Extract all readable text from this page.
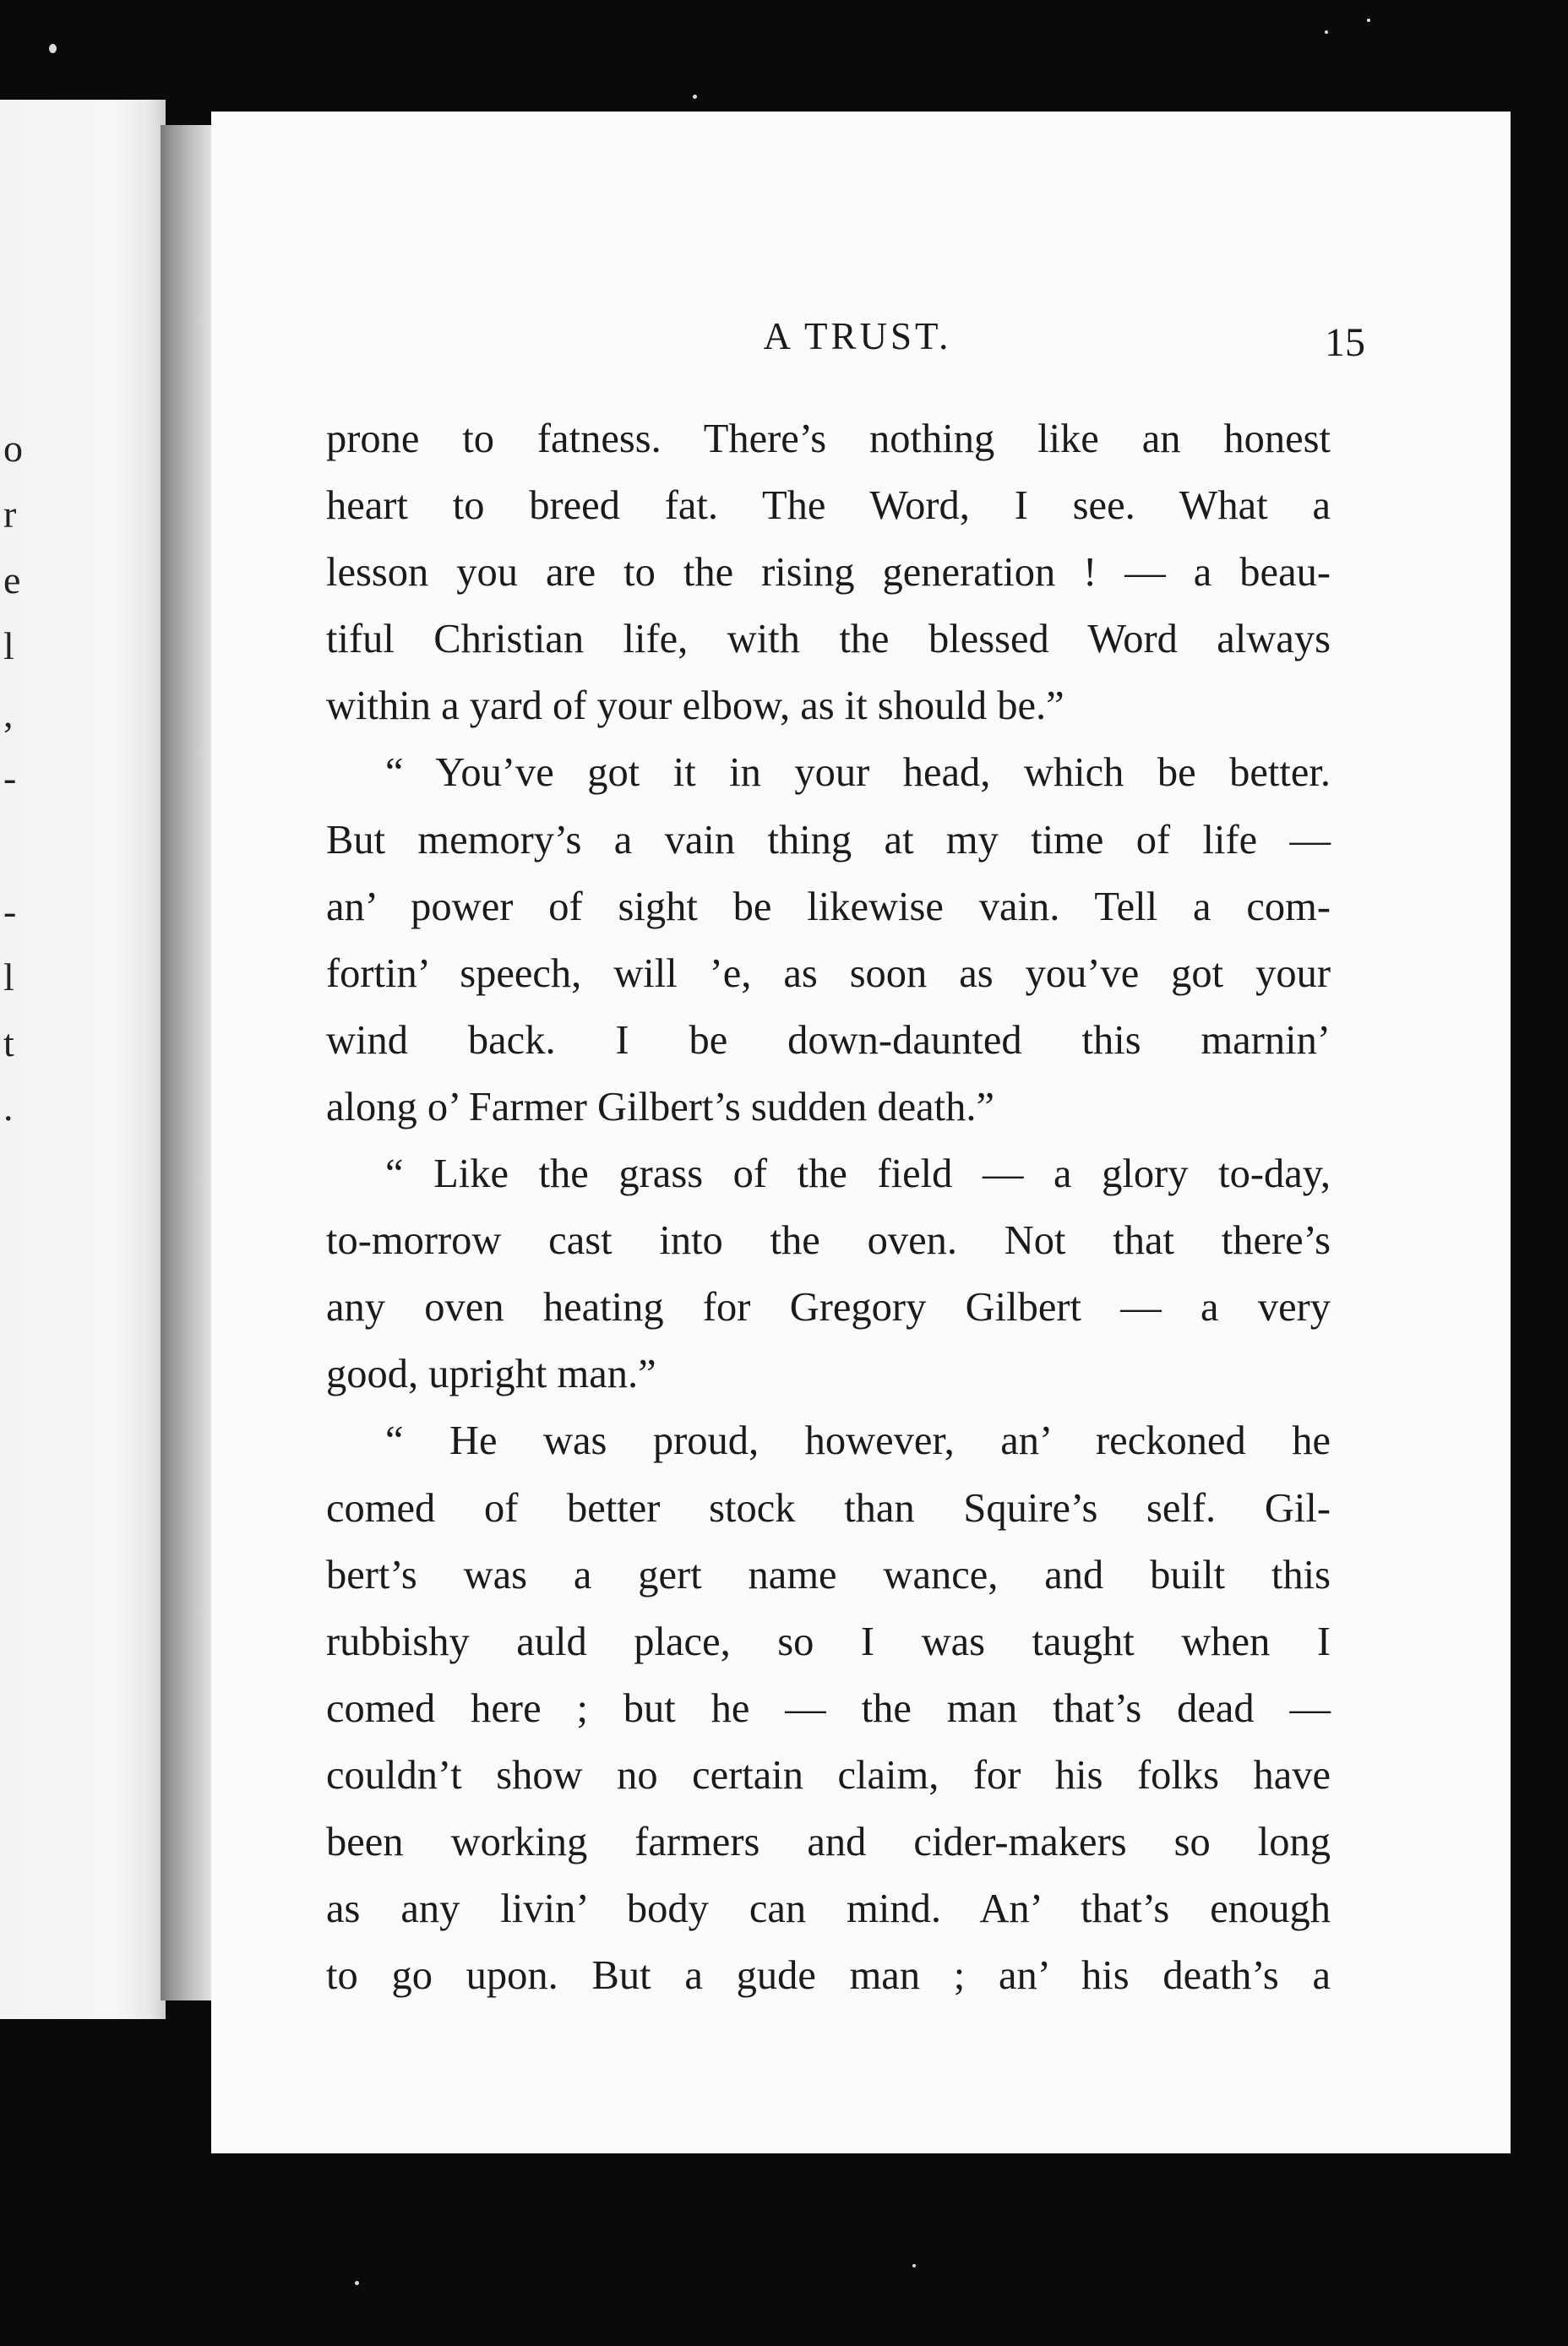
o
r
e
l
,
-
-
l
t
.
A TRUST.	15
prone to fatness. There’s nothing like an honest
heart to breed fat. The Word, I see. What a
lesson you are to the rising generation ! — a beau-
tiful Christian life, with the blessed Word always
within a yard of your elbow, as it should be.”
“ You’ve got it in your head, which be better.
But memory’s a vain thing at my time of life —
an’ power of sight be likewise vain. Tell a com-
fortin’ speech, will ’e, as soon as you’ve got your
wind back. I be down-daunted this marnin’
along o’ Farmer Gilbert’s sudden death.”
“ Like the grass of the field — a glory to-day,
to-morrow cast into the oven. Not that there’s
any oven heating for Gregory Gilbert — a very
good, upright man.”
“ He was proud, however, an’ reckoned he
comed of better stock than Squire’s self. Gil-
bert’s was a gert name wance, and built this
rubbishy auld place, so I was taught when I
comed here ; but he — the man that’s dead —
couldn’t show no certain claim, for his folks have
been working farmers and cider-makers so long
as any livin’ body can mind. An’ that’s enough
to go upon. But a gude man ; an’ his death’s a
